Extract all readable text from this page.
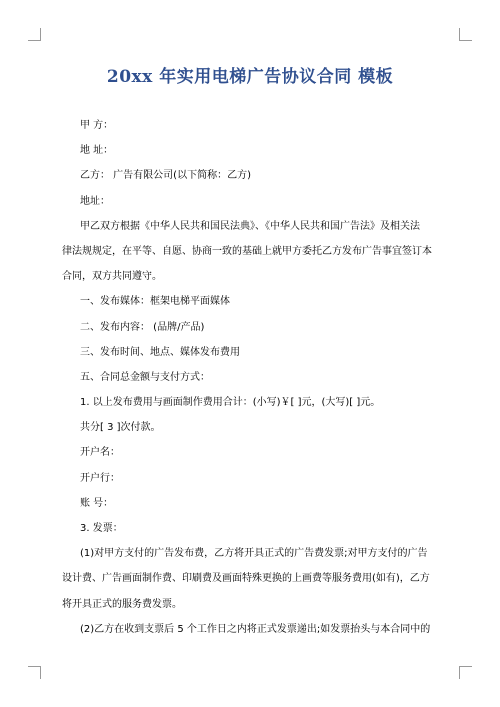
20xx 年实用电梯广告协议合同 模板
甲 方：
地 址：
乙方： 广告有限公司(以下简称：乙方)
地址：
甲乙双方根据《中华人民共和国民法典》、《中华人民共和国广告法》及相关法
律法规规定，在平等、自愿、协商一致的基础上就甲方委托乙方发布广告事宜签订本
合同，双方共同遵守。
一、发布媒体：框架电梯平面媒体
二、发布内容： (品牌/产品)
三、发布时间、地点、媒体发布费用
五、合同总金额与支付方式：
1. 以上发布费用与画面制作费用合计：(小写)￥[ ]元，(大写)[ ]元。
共分[ 3 ]次付款。
开户名：
开户行：
账 号：
3. 发票：
(1)对甲方支付的广告发布费，乙方将开具正式的广告费发票;对甲方支付的广告
设计费、广告画面制作费、印刷费及画面特殊更换的上画费等服务费用(如有)，乙方
将开具正式的服务费发票。
(2)乙方在收到支票后 5 个工作日之内将正式发票递出;如发票抬头与本合同中的
